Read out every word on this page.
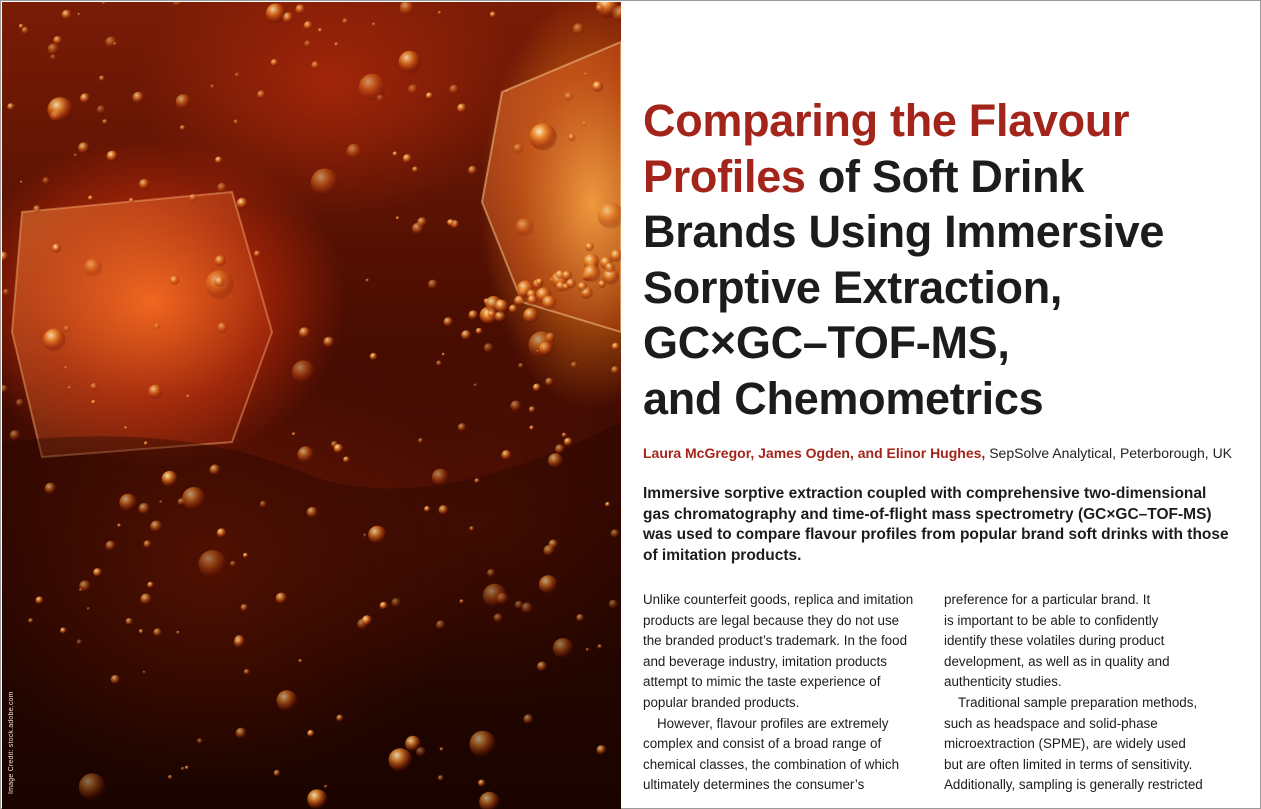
Image Credit: stock.adobe.com
Comparing the Flavour
Profiles of Soft Drink
Brands Using Immersive
Sorptive Extraction,
GC×GC–TOF-MS,
and Chemometrics

Laura McGregor, James Ogden, and Elinor Hughes, SepSolve Analytical, Peterborough, UK

Immersive sorptive extraction coupled with comprehensive two-dimensional gas chromatography and time-of-flight mass spectrometry (GC×GC–TOF-MS) was used to compare flavour profiles from popular brand soft drinks with those of imitation products.

Unlike counterfeit goods, replica and imitation
products are legal because they do not use
the branded product’s trademark. In the food
and beverage industry, imitation products
attempt to mimic the taste experience of
popular branded products.

However, flavour profiles are extremely
complex and consist of a broad range of
chemical classes, the combination of which
ultimately determines the consumer’s

preference for a particular brand. It
is important to be able to confidently
identify these volatiles during product
development, as well as in quality and
authenticity studies.

Traditional sample preparation methods,
such as headspace and solid-phase
microextraction (SPME), are widely used
but are often limited in terms of sensitivity.
Additionally, sampling is generally restricted
